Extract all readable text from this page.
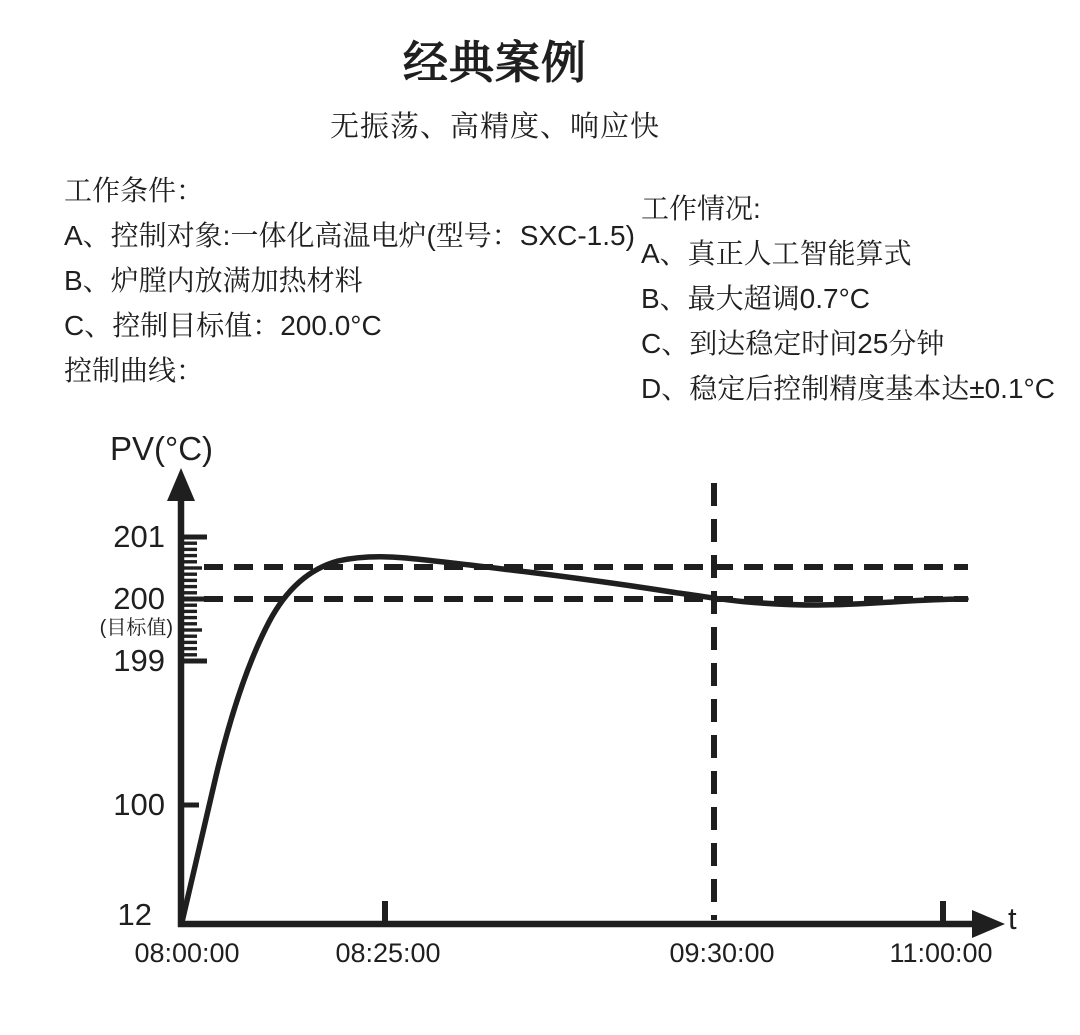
经典案例
无振荡、高精度、响应快
工作条件：
A、控制对象:一体化高温电炉(型号：SXC-1.5)
B、炉膛内放满加热材料
C、控制目标值：200.0°C
控制曲线：
工作情况:
A、真正人工智能算式
B、最大超调0.7°C
C、到达稳定时间25分钟
D、稳定后控制精度基本达±0.1°C
PV(°C)
201
200
(目标值)
199
100
12
08:00:00	08:25:00	09:30:00	11:00:00
t
